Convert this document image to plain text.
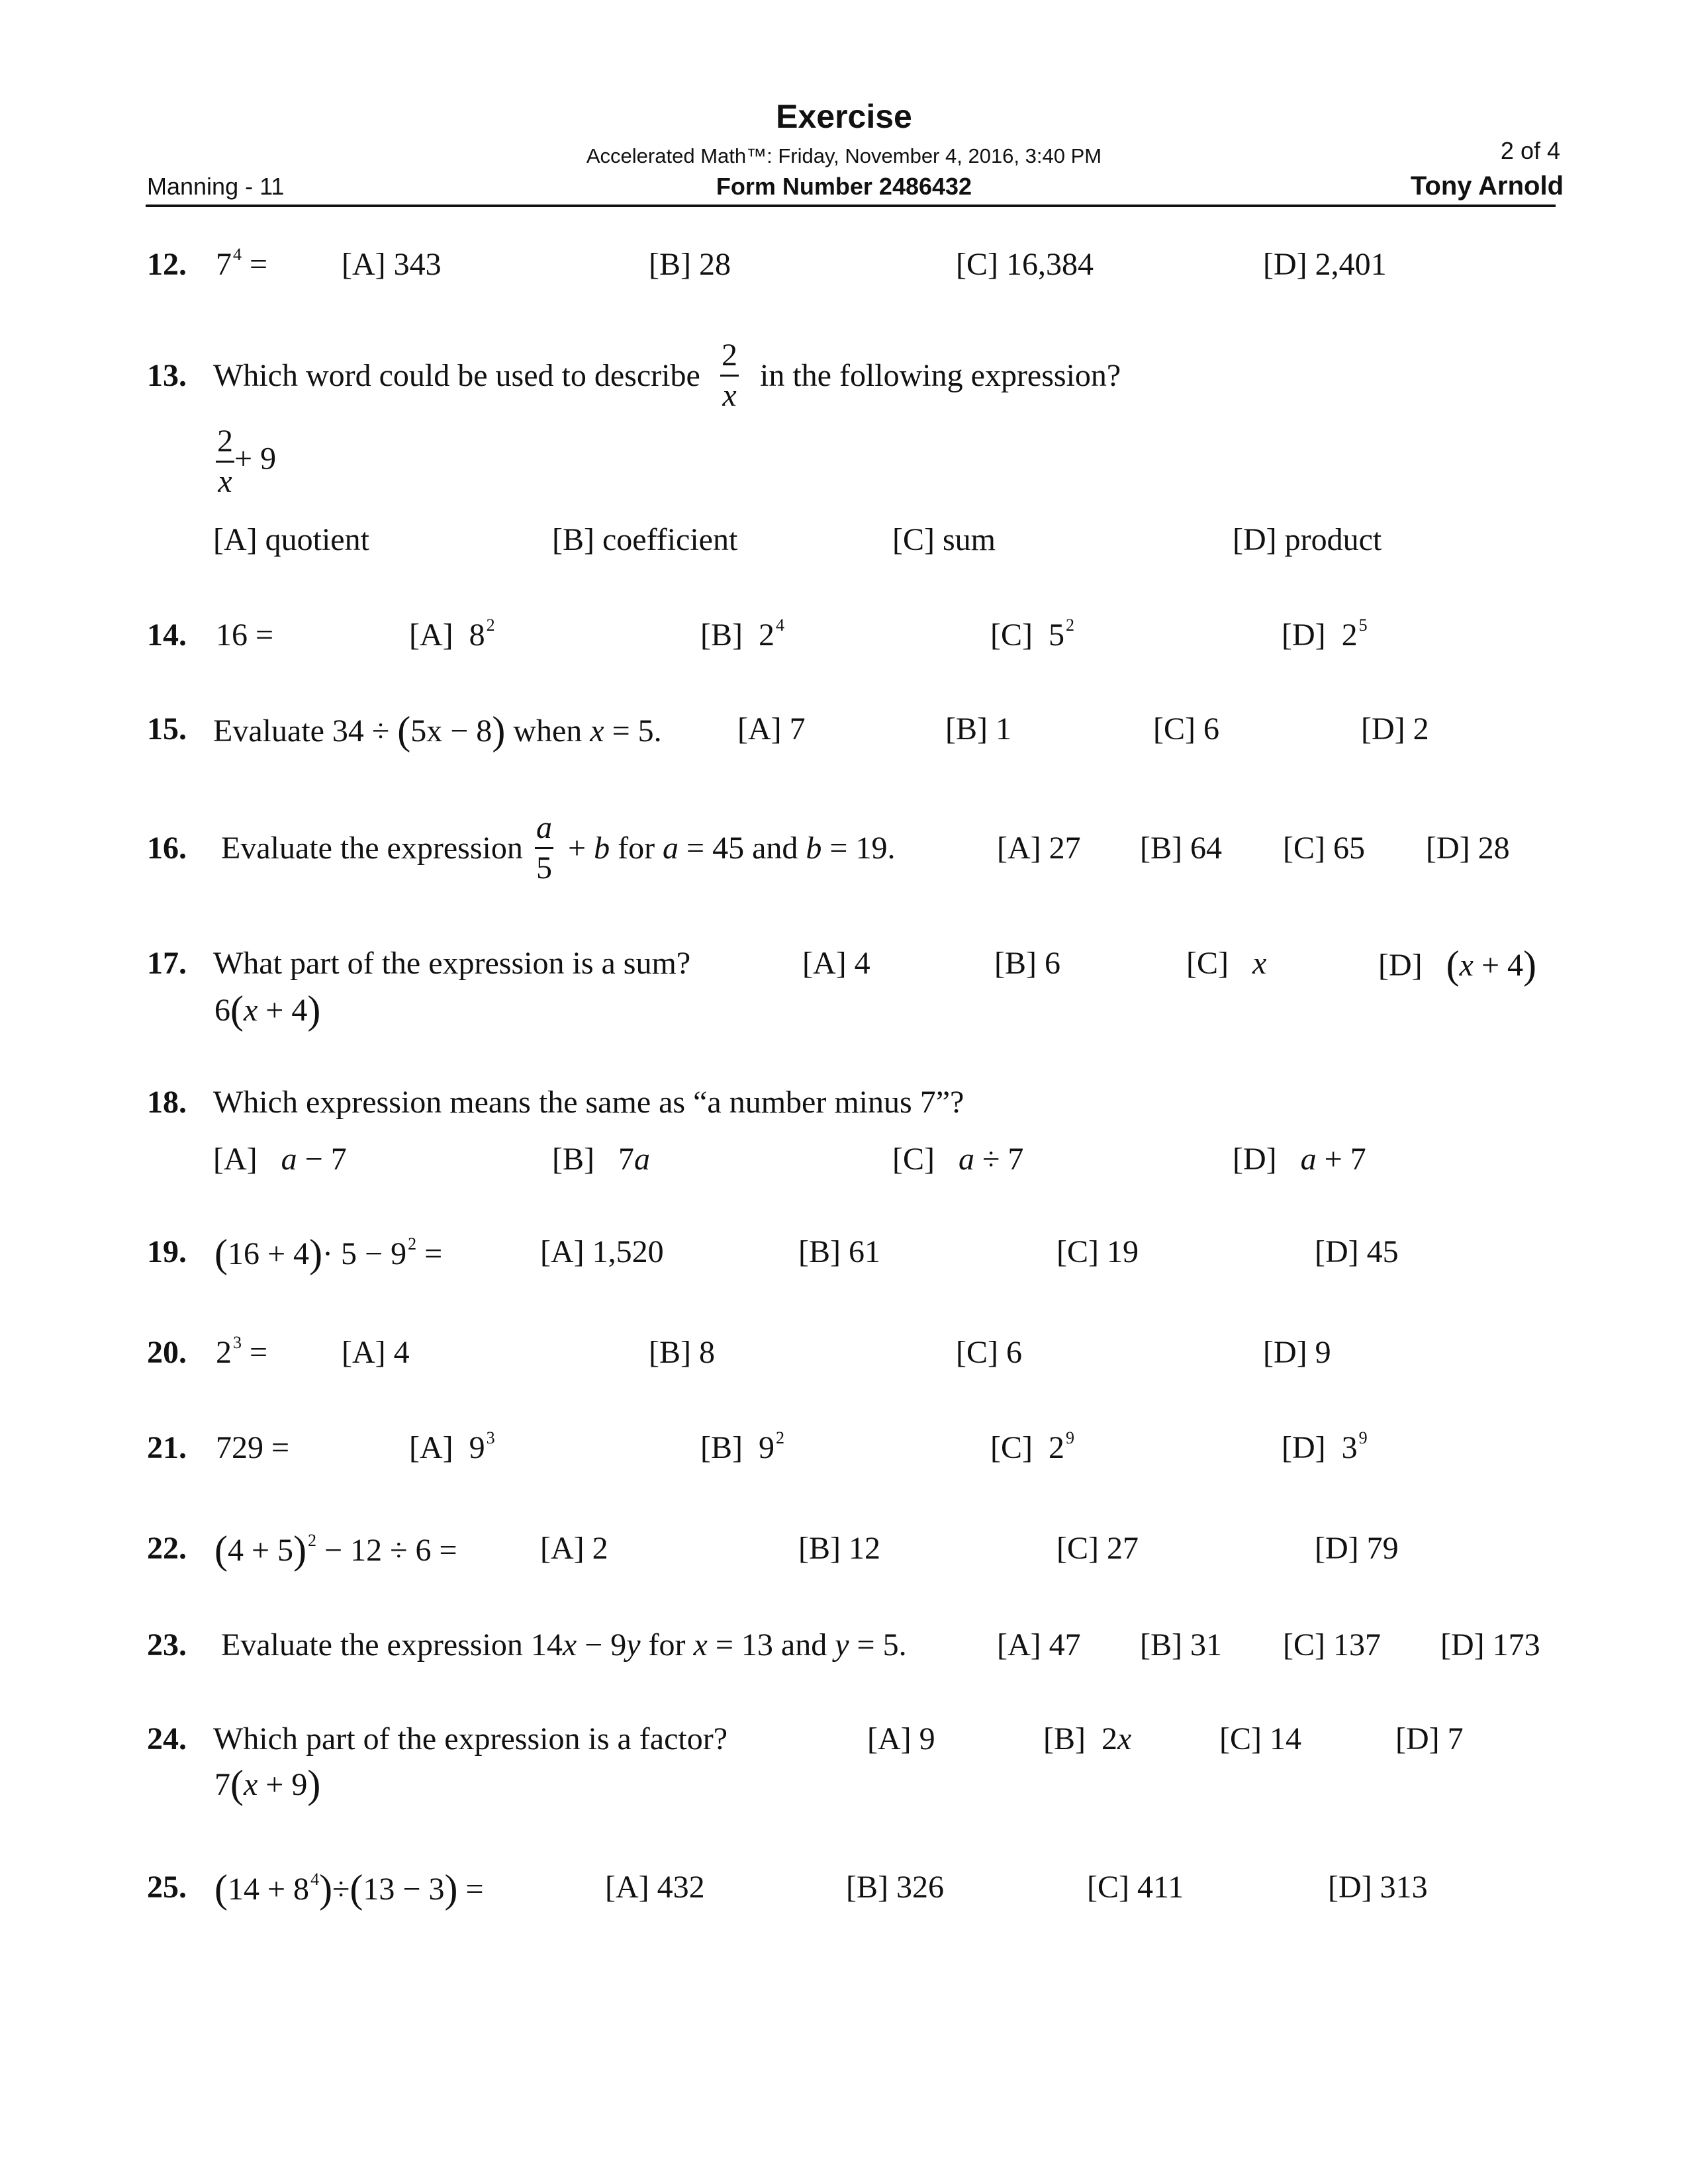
Exercise
Accelerated Math™: Friday, November 4, 2016, 3:40 PM	2 of 4
Manning - 11	Form Number 2486432	Tony Arnold
12. $7^4 = [A]$ 343	[B] 28	[C] 16,384	[D] 2,401
13. Which word could be used to describe $\frac{2}{x}$ in the following expression?
$\frac{2}{x} + 9$
[A] quotient	[B] coefficient	[C] sum	[D] product
14. 16 =	[A] $8^2$	[B] $2^4$	[C] $5^2$	[D] $2^5$
15. Evaluate 34 ÷ (5x − 8) when x = 5. [A] 7	[B] 1	[C] 6	[D] 2
16. Evaluate the expression $\frac{a}{5} + b$ for a = 45 and b = 19.	[A] 27 [B] 64 [C] 65 [D] 28
17. What part of the expression is a sum?
6(x + 4)
[A] 4	[B] 6	[C] x	[D] (x + 4)
18. Which expression means the same as “a number minus 7”?
[A] a − 7	[B] 7a	[C] a ÷ 7	[D] a + 7
19. $(16 + 4)\cdot 5 - 9^2$ =	[A] 1,520	[B] 61	[C] 19	[D] 45
20. $2^3 = [A]$ 4	[B] 8	[C] 6	[D] 9
21. 729 =	[A] $9^3$	[B] $9^2$	[C] $2^9$	[D] $3^9$
22. $(4 + 5)^2 - 12 \div 6$ =	[A] 2	[B] 12	[C] 27	[D] 79
23. Evaluate the expression 14x − 9y for x = 13 and y = 5.	[A] 47 [B] 31 [C] 137 [D] 173
24. Which part of the expression is a factor?
7(x + 9)
[A] 9	[B] 2x	[C] 14	[D] 7
25. $(14 + 8^4)\div(13 - 3)$ =	[A] 432	[B] 326	[C] 411	[D] 313
